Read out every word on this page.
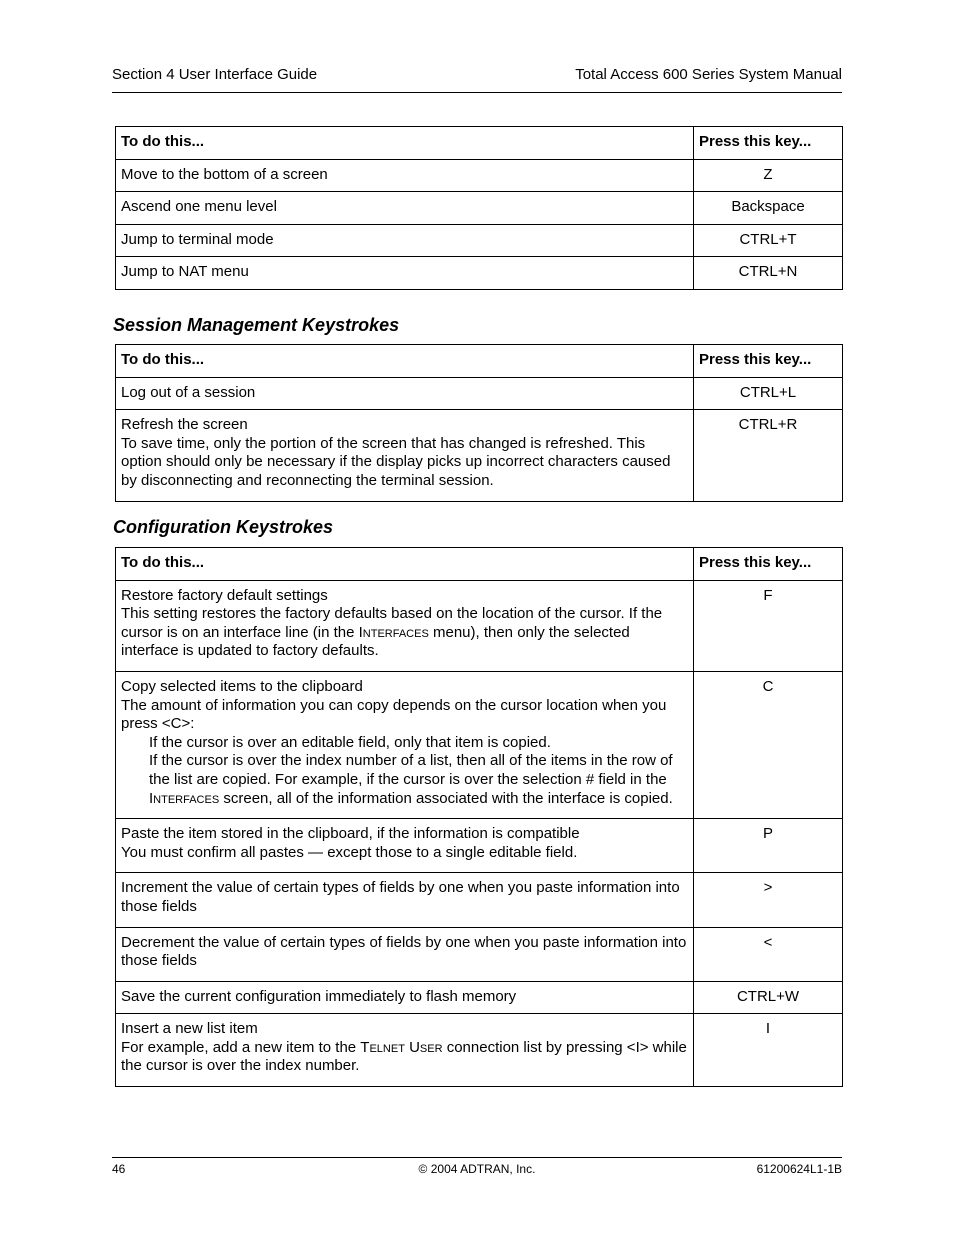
Section 4 User Interface Guide	Total Access 600 Series System Manual
To do this...	Press this key...
Move to the bottom of a screen	Z
Ascend one menu level	Backspace
Jump to terminal mode	CTRL+T
Jump to NAT menu	CTRL+N
Session Management Keystrokes
To do this...	Press this key...
Log out of a session	CTRL+L

Refresh the screen
To save time, only the portion of the screen that has changed is refreshed. This option should only be necessary if the display picks up incorrect characters caused by disconnecting and reconnecting the terminal session.	CTRL+R
Configuration Keystrokes
To do this...	Press this key...

Restore factory default settings
This setting restores the factory defaults based on the location of the cursor. If the cursor is on an interface line (in the Interfaces menu), then only the selected interface is updated to factory defaults.	F

Copy selected items to the clipboard
The amount of information you can copy depends on the cursor location when you press <C>:
If the cursor is over an editable field, only that item is copied.
If the cursor is over the index number of a list, then all of the items in the row of the list are copied. For example, if the cursor is over the selection # field in the Interfaces screen, all of the information associated with the interface is copied.	C

Paste the item stored in the clipboard, if the information is compatible
You must confirm all pastes — except those to a single editable field.	P
Increment the value of certain types of fields by one when you paste information into those fields	>
Decrement the value of certain types of fields by one when you paste information into those fields	<
Save the current configuration immediately to flash memory	CTRL+W

Insert a new list item
For example, add a new item to the Telnet User connection list by pressing <I> while the cursor is over the index number.	I
46	© 2004 ADTRAN, Inc.	61200624L1-1B
